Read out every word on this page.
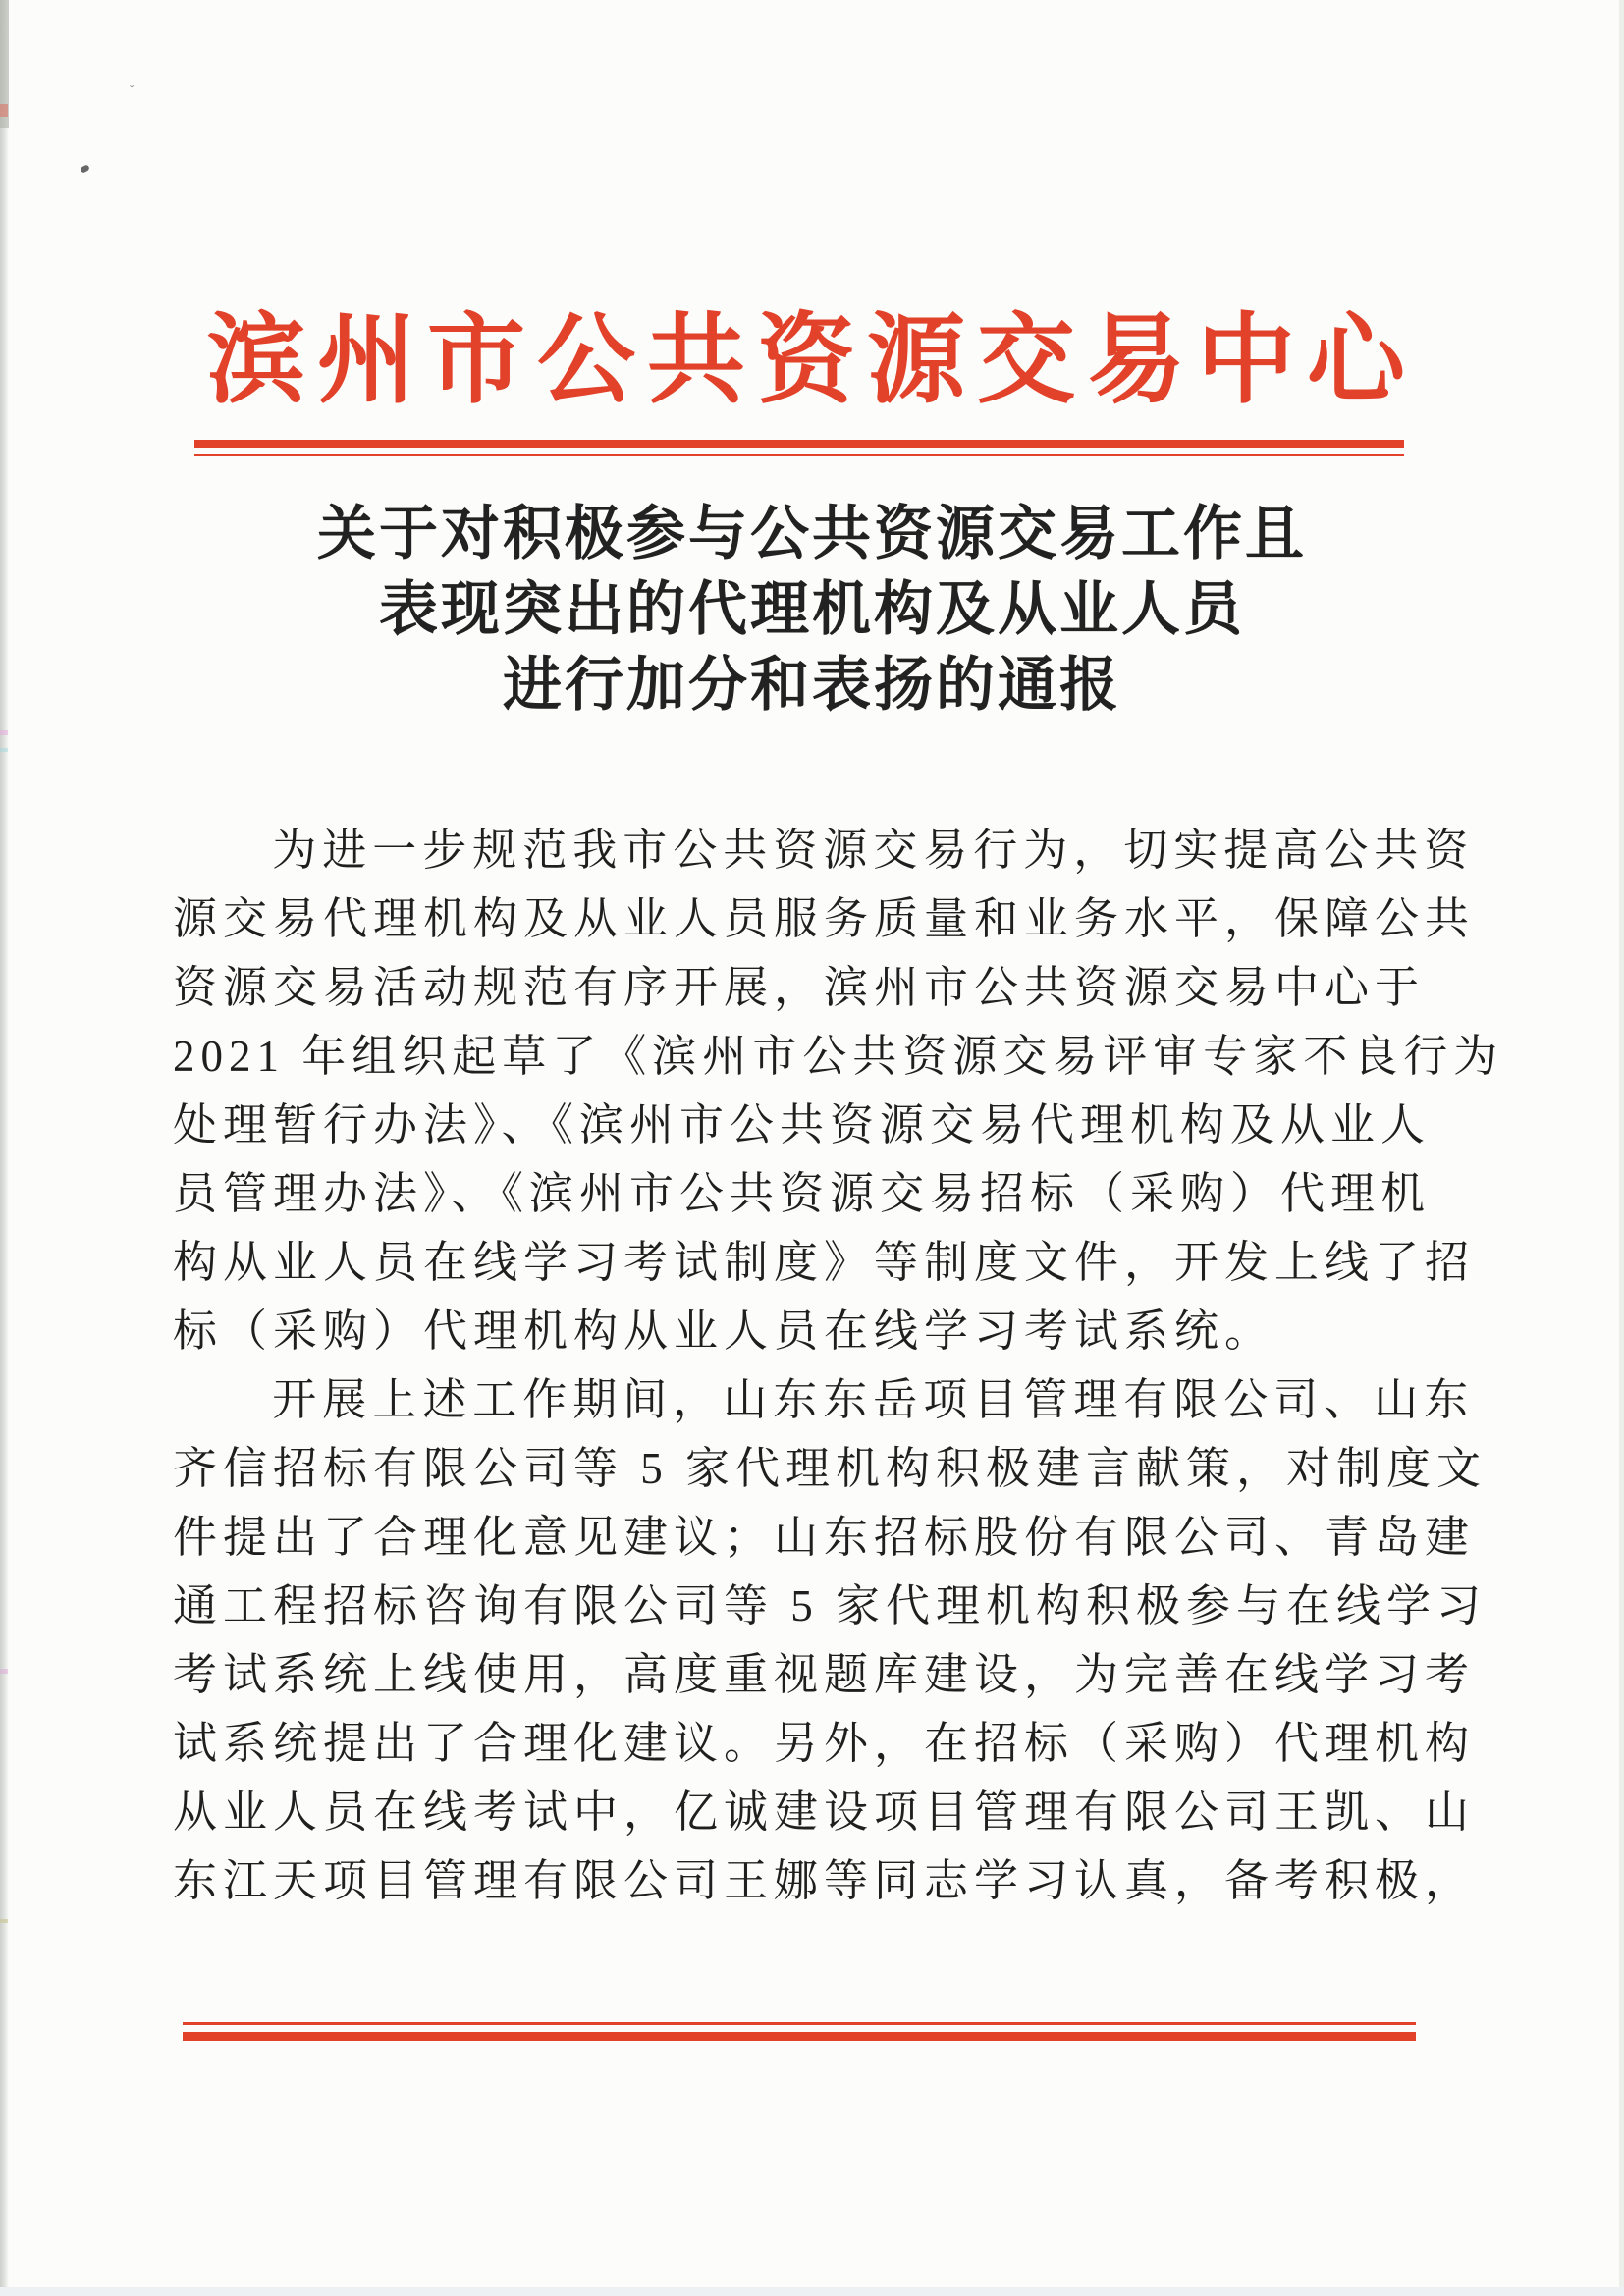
ˇ
滨州市公共资源交易中心
关于对积极参与公共资源交易工作且
表现突出的代理机构及从业人员
进行加分和表扬的通报
为进一步规范我市公共资源交易行为，切实提高公共资
源交易代理机构及从业人员服务质量和业务水平，保障公共
资源交易活动规范有序开展，滨州市公共资源交易中心于
2021 年组织起草了《滨州市公共资源交易评审专家不良行为
处理暂行办法》、《滨州市公共资源交易代理机构及从业人
员管理办法》、《滨州市公共资源交易招标（采购）代理机
构从业人员在线学习考试制度》等制度文件，开发上线了招
标（采购）代理机构从业人员在线学习考试系统。
开展上述工作期间，山东东岳项目管理有限公司、山东
齐信招标有限公司等 5 家代理机构积极建言献策，对制度文
件提出了合理化意见建议；山东招标股份有限公司、青岛建
通工程招标咨询有限公司等 5 家代理机构积极参与在线学习
考试系统上线使用，高度重视题库建设，为完善在线学习考
试系统提出了合理化建议。另外，在招标（采购）代理机构
从业人员在线考试中，亿诚建设项目管理有限公司王凯、山
东江天项目管理有限公司王娜等同志学习认真，备考积极，
